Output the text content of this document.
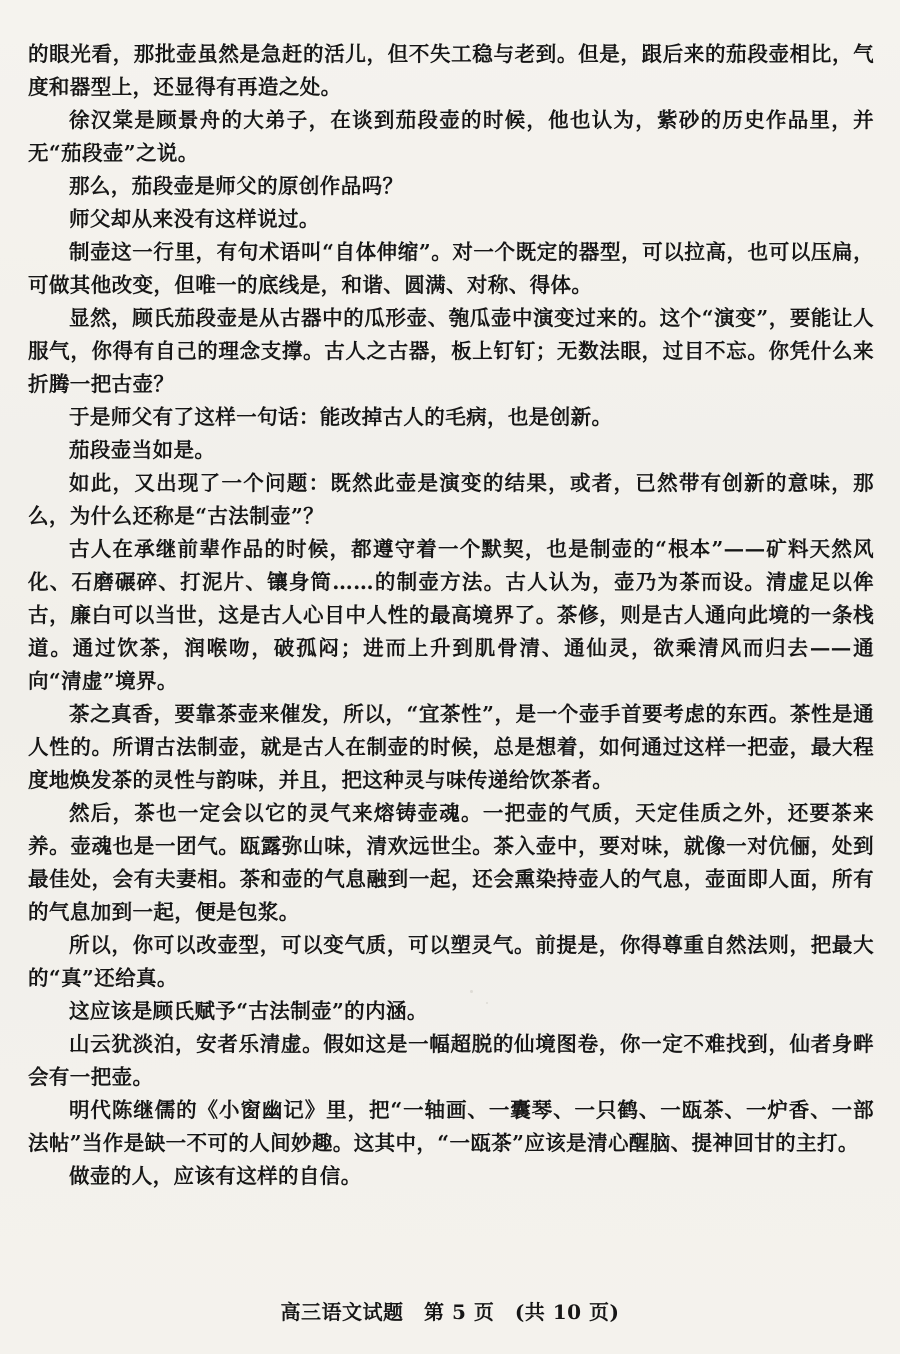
的眼光看，那批壶虽然是急赶的活儿，但不失工稳与老到。但是，跟后来的茄段壶相比，气度和器型上，还显得有再造之处。

徐汉棠是顾景舟的大弟子，在谈到茄段壶的时候，他也认为，紫砂的历史作品里，并无“茄段壶”之说。

那么，茄段壶是师父的原创作品吗？

师父却从来没有这样说过。

制壶这一行里，有句术语叫“自体伸缩”。对一个既定的器型，可以拉高，也可以压扁，可做其他改变，但唯一的底线是，和谐、圆满、对称、得体。

显然，顾氏茄段壶是从古器中的瓜形壶、匏瓜壶中演变过来的。这个“演变”，要能让人服气，你得有自己的理念支撑。古人之古器，板上钉钉；无数法眼，过目不忘。你凭什么来折腾一把古壶？

于是师父有了这样一句话：能改掉古人的毛病，也是创新。

茄段壶当如是。

如此，又出现了一个问题：既然此壶是演变的结果，或者，已然带有创新的意味，那么，为什么还称是“古法制壶”？

古人在承继前辈作品的时候，都遵守着一个默契，也是制壶的“根本”——矿料天然风化、石磨碾碎、打泥片、镶身筒……的制壶方法。古人认为，壶乃为茶而设。清虚足以侔古，廉白可以当世，这是古人心目中人性的最高境界了。茶修，则是古人通向此境的一条栈道。通过饮茶，润喉吻，破孤闷；进而上升到肌骨清、通仙灵，欲乘清风而归去——通向“清虚”境界。

茶之真香，要靠茶壶来催发，所以，“宜茶性”，是一个壶手首要考虑的东西。茶性是通人性的。所谓古法制壶，就是古人在制壶的时候，总是想着，如何通过这样一把壶，最大程度地焕发茶的灵性与韵味，并且，把这种灵与味传递给饮茶者。

然后，茶也一定会以它的灵气来熔铸壶魂。一把壶的气质，天定佳质之外，还要茶来养。壶魂也是一团气。瓯露弥山味，清欢远世尘。茶入壶中，要对味，就像一对伉俪，处到最佳处，会有夫妻相。茶和壶的气息融到一起，还会熏染持壶人的气息，壶面即人面，所有的气息加到一起，便是包浆。

所以，你可以改壶型，可以变气质，可以塑灵气。前提是，你得尊重自然法则，把最大的“真”还给真。

这应该是顾氏赋予“古法制壶”的内涵。

山云犹淡泊，安者乐清虚。假如这是一幅超脱的仙境图卷，你一定不难找到，仙者身畔会有一把壶。

明代陈继儒的《小窗幽记》里，把“一轴画、一囊琴、一只鹤、一瓯茶、一炉香、一部法帖”当作是缺一不可的人间妙趣。这其中，“一瓯茶”应该是清心醒脑、提神回甘的主打。

做壶的人，应该有这样的自信。

高三语文试题　第 5 页　(共 10 页)
